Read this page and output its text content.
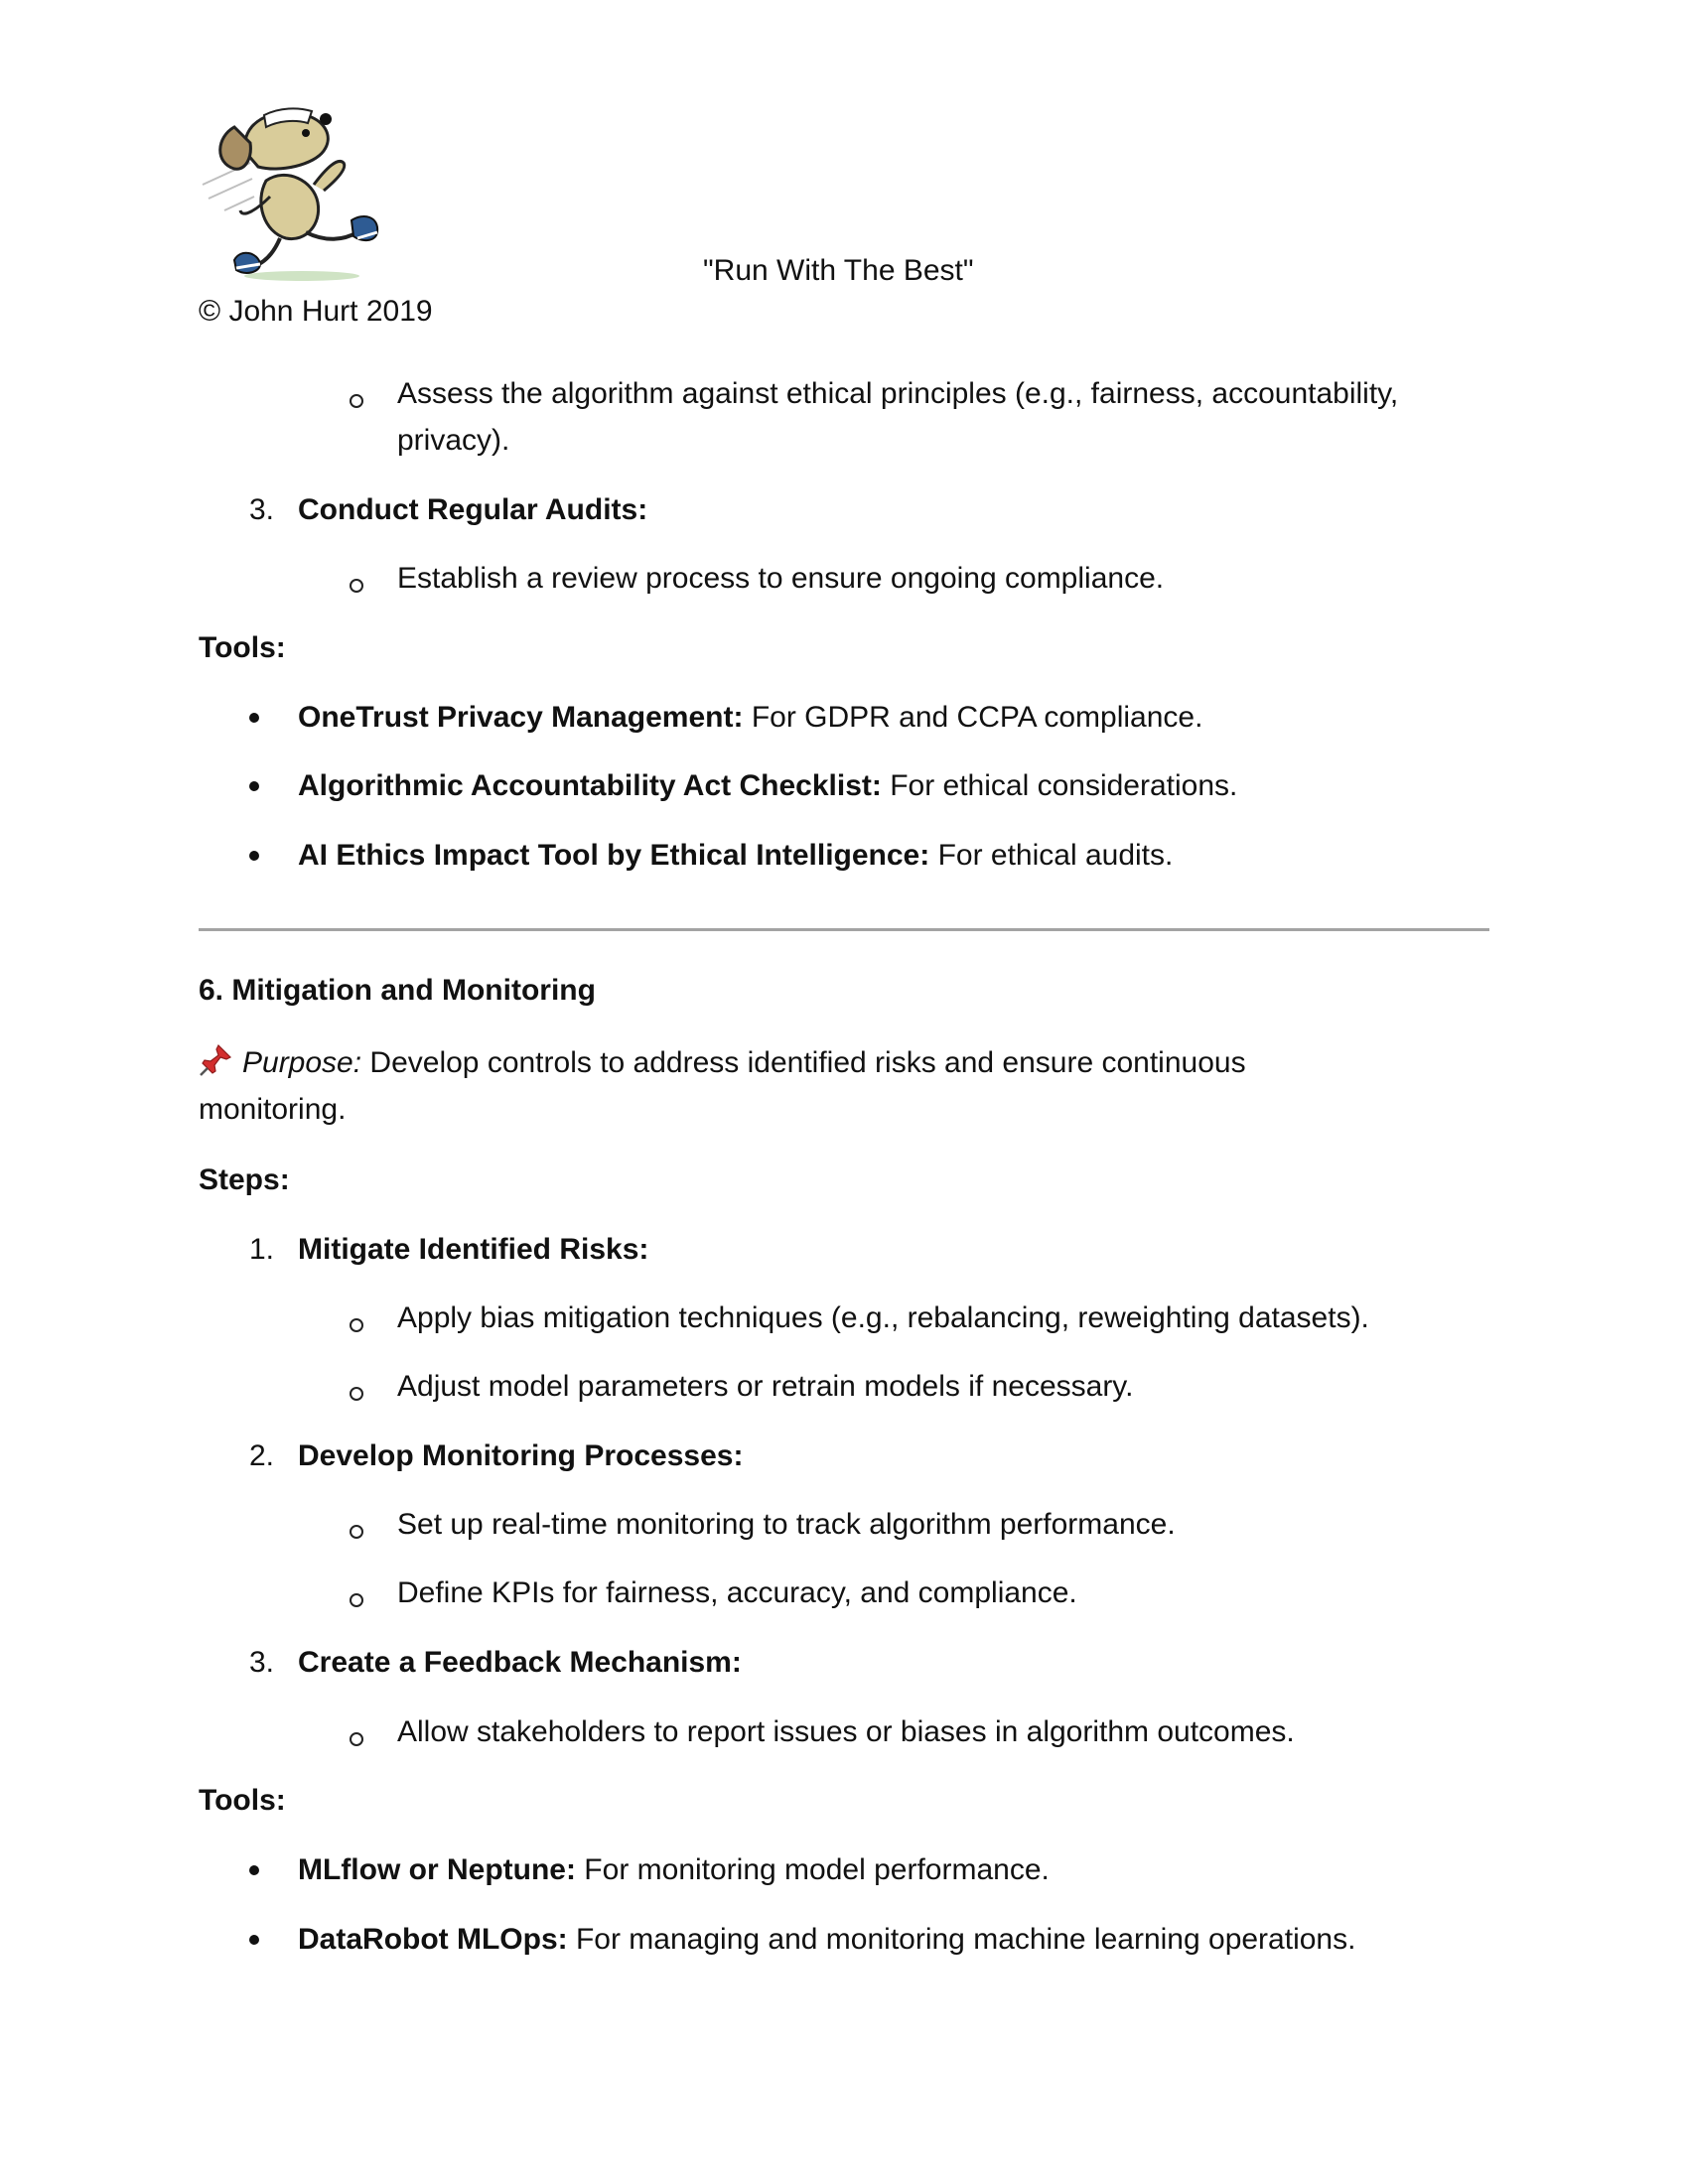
"Run With The Best"
© John Hurt 2019
Assess the algorithm against ethical principles (e.g., fairness, accountability, privacy).
3. Conduct Regular Audits:
Establish a review process to ensure ongoing compliance.
Tools:
OneTrust Privacy Management: For GDPR and CCPA compliance.
Algorithmic Accountability Act Checklist: For ethical considerations.
AI Ethics Impact Tool by Ethical Intelligence: For ethical audits.
6. Mitigation and Monitoring
Purpose: Develop controls to address identified risks and ensure continuous monitoring.
Steps:
1. Mitigate Identified Risks:
Apply bias mitigation techniques (e.g., rebalancing, reweighting datasets).
Adjust model parameters or retrain models if necessary.
2. Develop Monitoring Processes:
Set up real-time monitoring to track algorithm performance.
Define KPIs for fairness, accuracy, and compliance.
3. Create a Feedback Mechanism:
Allow stakeholders to report issues or biases in algorithm outcomes.
Tools:
MLflow or Neptune: For monitoring model performance.
DataRobot MLOps: For managing and monitoring machine learning operations.
